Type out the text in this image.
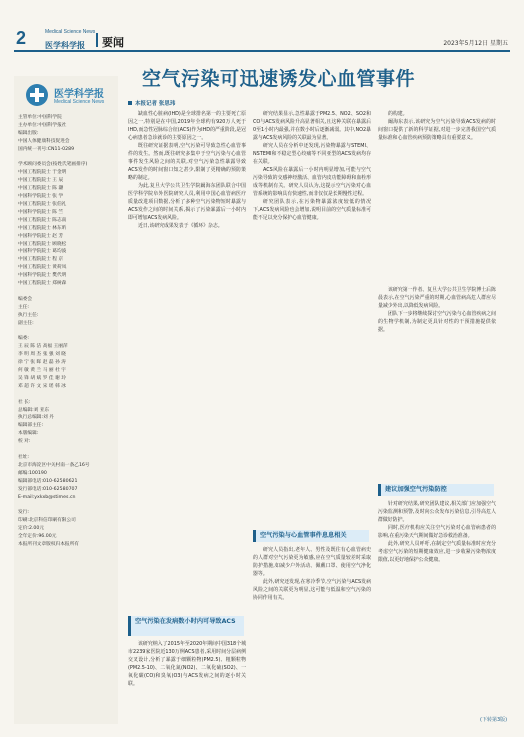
2	Medical Science News
医学科学报 要闻	2023年5月12日 星期五
医学科学报
Medical Science News
主管单位:中国科学院
主办单位:中国科学报社
编辑出版:
中国人体健康科技促进会
国内统一刊号:CN11-0289

学术顾问委员会(按姓氏笔画排序)
中国工程院院士 于金明
中国工程院院士 王 辰
中国工程院院士 陈 灏
中国科学院院士 张 学
中国工程院院士 张伯礼
中国科学院院士 陈 竺
中国工程院院士 陈志南
中国工程院院士 林东昕
中国科学院院士 赵 芳
中国工程院院士 顾晓松
中国科学院院士 葛均波
中国工程院院士 程 京
中国工程院院士 黄荷凤
中国科学院院士 樊代明
中国工程院院士 郑树森

编委会
主任:
执行主任:
副主任:

编委:
王 辰 陈 洁 高福 王丽萍
李 明 周 杰 张 强 刘 晓
徐 宁 张 晖 赵 磊 孙 涛
何 敏 黄 兰 马 丽 杜 宇
吴 锋 胡 斌 罗 佳 谢 玲
邓 超 许 文 宋 瑶 韩 冰

社 长:
总编辑:刘 亚东
执行总编辑:刘 丹
编辑部主任:
本版编辑:
校 对:

社址:
北京市海淀区中关村南一条乙16号
邮编:100190
编辑部电话:010-62580621
发行部电话:010-62580707
E-mail:yxkxb@stimes.cn

发行:
印刷:北京科信印刷有限公司
定价:2.00元
全年定价:96.00元
本报所刊文章版权归本报所有
空气污染可迅速诱发心血管事件
本报记者 张思玮

缺血性心脏病(IHD)是全球排名第一的主要死亡原因之一,特别是在中国,2019年全球约有920万人死于IHD,而急性冠脉综合征(ACS)作为IHD的严重阶段,是冠心病患者急诊就诊的主要原因之一。

既往研究证据表明,空气污染可导致急性心血管事件的发生。然而,既往研究多集中于空气污染与心血管事件发生风险之间的关联,对空气污染急性暴露导致ACS发作的时间窗口知之甚少,限制了更精确的预防策略的制定。

为此,复旦大学公共卫生学院阚海东团队联合中国医学科学院阜外医院研究人员,利用中国心血管病医疗质量改进项目数据,分析了多种空气污染物短时暴露与ACS发作之间的时间关系,揭示了污染暴露后一小时内即可增加ACS发病风险。

近日,该研究成果发表于《循环》杂志。

空气污染在发病数小时内可导致ACS

该研究纳入了2015年至2020年期间中国318个城市2239家医院近130万例ACS患者,采用时间分层病例交叉设计,分析了暴露于细颗粒物(PM2.5)、粗颗粒物(PM2.5-10)、二氧化氮(NO2)、二氧化硫(SO2)、一氧化碳(CO)和臭氧(O3)与ACS发病之间的逐小时关联。

研究结果显示,急性暴露于PM2.5、NO2、SO2和CO与ACS发病风险升高显著相关,且这种关联在暴露后0至1小时内最强,并在数小时后逐渐减弱。其中,NO2暴露与ACS发病风险的关联最为显著。

研究人员在分析中还发现,污染物暴露与STEMI、NSTEMI和不稳定型心绞痛等不同亚型的ACS发病均存在关联。

ACS风险在暴露后一小时内明显增加,可能与空气污染导致的交感神经激活、血管内皮功能障碍和血栓形成等机制有关。研究人员认为,这提示空气污染对心血管系统的影响具有快速性,而非仅仅是长期慢性过程。

研究团队表示,在污染物暴露浓度较低的情况下,ACS发病风险也会增加,说明目前的空气质量标准可能不足以充分保护心血管健康。

空气污染与心血管事件息息相关

研究人员指出,老年人、男性及既往有心血管病史的人群对空气污染更为敏感,应在空气质量较差时采取防护措施,如减少户外活动、佩戴口罩、使用空气净化器等。

此外,研究还发现,在寒冷季节,空气污染与ACS发病风险之间的关联更为明显,这可能与低温和空气污染的协同作用有关。

的构建。

阚海东表示,该研究为空气污染导致ACS发病的时间窗口提供了新的科学证据,对进一步完善我国空气质量标准和心血管疾病预防策略具有重要意义。

该研究第一作者、复旦大学公共卫生学院博士后陈晨表示,在空气污染严重的时期,心血管病高危人群应尽量减少外出,以降低发病风险。

团队下一步将继续探讨空气污染与心血管疾病之间的生物学机制,为制定更具针对性的干预措施提供依据。

建议加强空气污染防控

针对研究结果,研究团队建议,相关部门应加强空气污染监测和预警,及时向公众发布污染信息,引导高危人群做好防护。

同时,医疗机构应关注空气污染对心血管病患者的影响,在重污染天气期间做好急诊救治准备。

此外,研究人员呼吁,在制定空气质量标准时应充分考虑空气污染的短期健康效应,进一步收紧污染物浓度限值,以更好地保护公众健康。

(下转第3版)
